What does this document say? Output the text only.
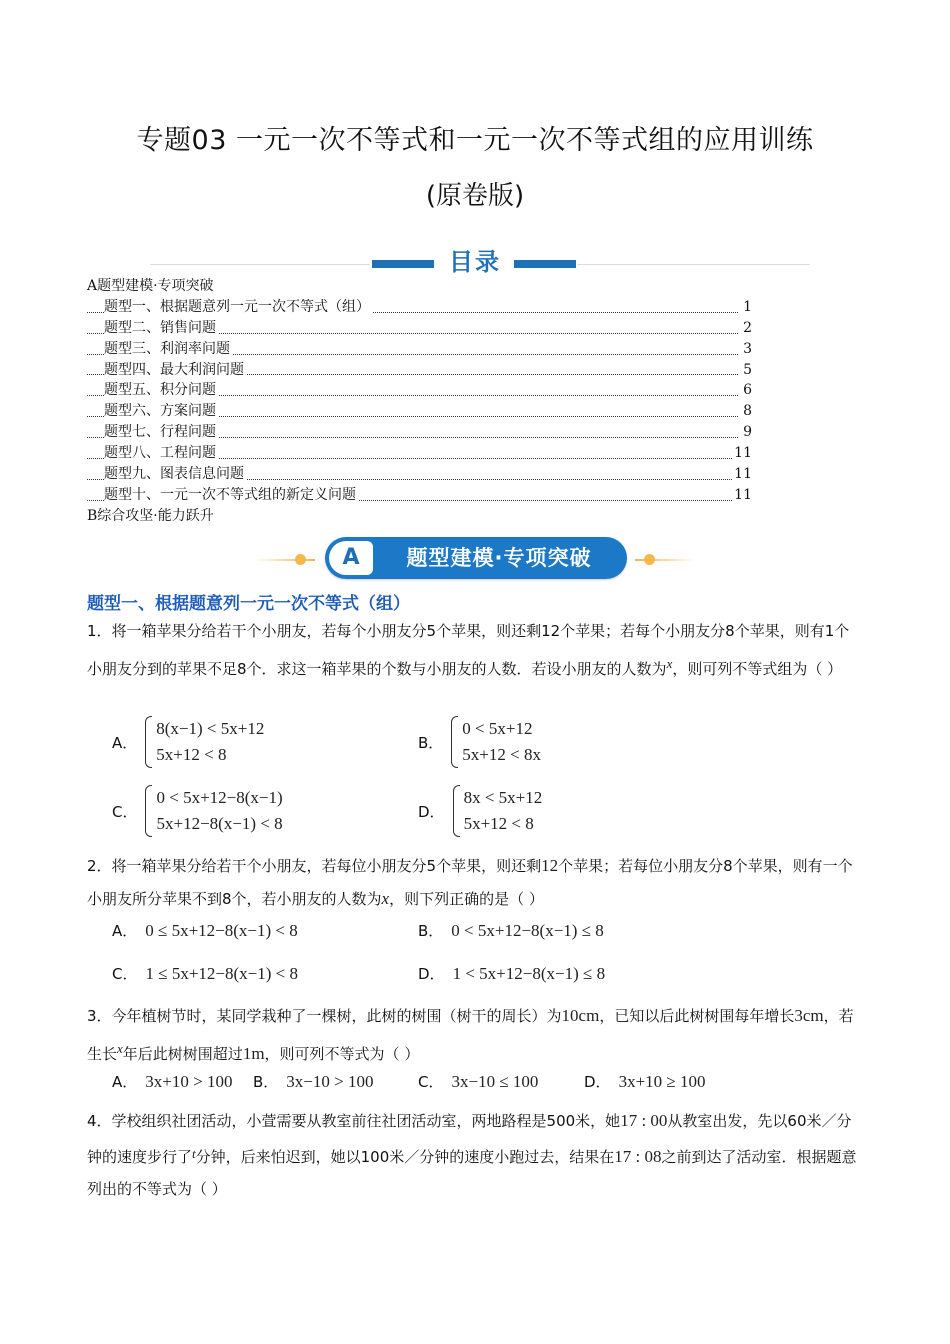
专题03 一元一次不等式和一元一次不等式组的应用训练
(原卷版)
目录
A题型建模·专项突破
题型一、根据题意列一元一次不等式（组）	1
题型二、销售问题	2
题型三、利润率问题	3
题型四、最大利润问题	5
题型五、积分问题	6
题型六、方案问题	8
题型七、行程问题	9
题型八、工程问题	11
题型九、图表信息问题	11
题型十、一元一次不等式组的新定义问题	11
B综合攻坚·能力跃升
A	题型建模·专项突破
题型一、根据题意列一元一次不等式（组）
1．将一箱苹果分给若干个小朋友，若每个小朋友分5个苹果，则还剩12个苹果；若每个小朋友分8个苹果，则有1个小朋友分到的苹果不足8个．求这一箱苹果的个数与小朋友的人数．若设小朋友的人数为x，则可列不等式组为（ ）
A．
8(x−1) < 5x+12
5x+12 < 8
B．
0 < 5x+12
5x+12 < 8x
C．
0 < 5x+12−8(x−1)
5x+12−8(x−1) < 8
D．
8x < 5x+12
5x+12 < 8
2．将一箱苹果分给若干个小朋友，若每位小朋友分5个苹果，则还剩12个苹果；若每位小朋友分8个苹果，则有一个小朋友所分苹果不到8个，若小朋友的人数为x，则下列正确的是（ ）
A． 0 ≤ 5x+12−8(x−1) < 8	B． 0 < 5x+12−8(x−1) ≤ 8
C． 1 ≤ 5x+12−8(x−1) < 8	D． 1 < 5x+12−8(x−1) ≤ 8
3．今年植树节时，某同学栽种了一棵树，此树的树围（树干的周长）为10cm，已知以后此树树围每年增长3cm，若生长x年后此树树围超过1m，则可列不等式为（ ）
A． 3x+10 > 100 B． 3x−10 > 100	C． 3x−10 ≤ 100	D． 3x+10 ≥ 100
4．学校组织社团活动，小萱需要从教室前往社团活动室，两地路程是500米，她17 : 00从教室出发，先以60米／分钟的速度步行了t分钟，后来怕迟到，她以100米／分钟的速度小跑过去，结果在17 : 08之前到达了活动室．根据题意列出的不等式为（ ）
